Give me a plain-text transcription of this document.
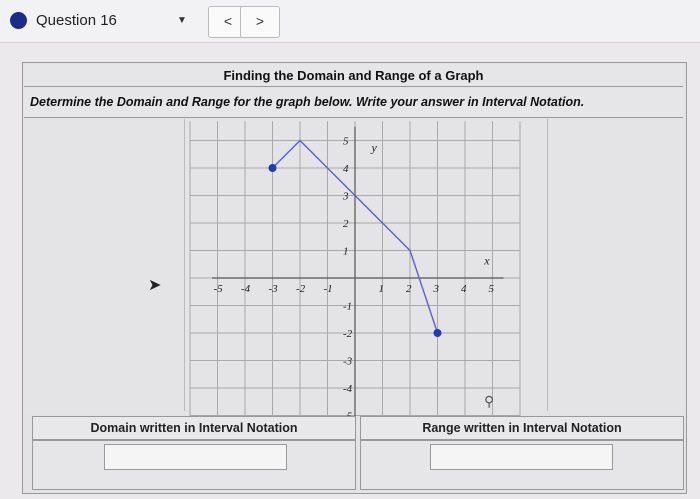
Question 16	▼	<	>
Finding the Domain and Range of a Graph
Determine the Domain and Range for the graph below. Write your answer in Interval Notation.
-5 -4 -3 -2 -1	1 2 3 4 5
5
4
3
2
1
-1
-2
-3
-4
x
y
➤
⚲
Domain written in Interval Notation	Range written in Interval Notation
